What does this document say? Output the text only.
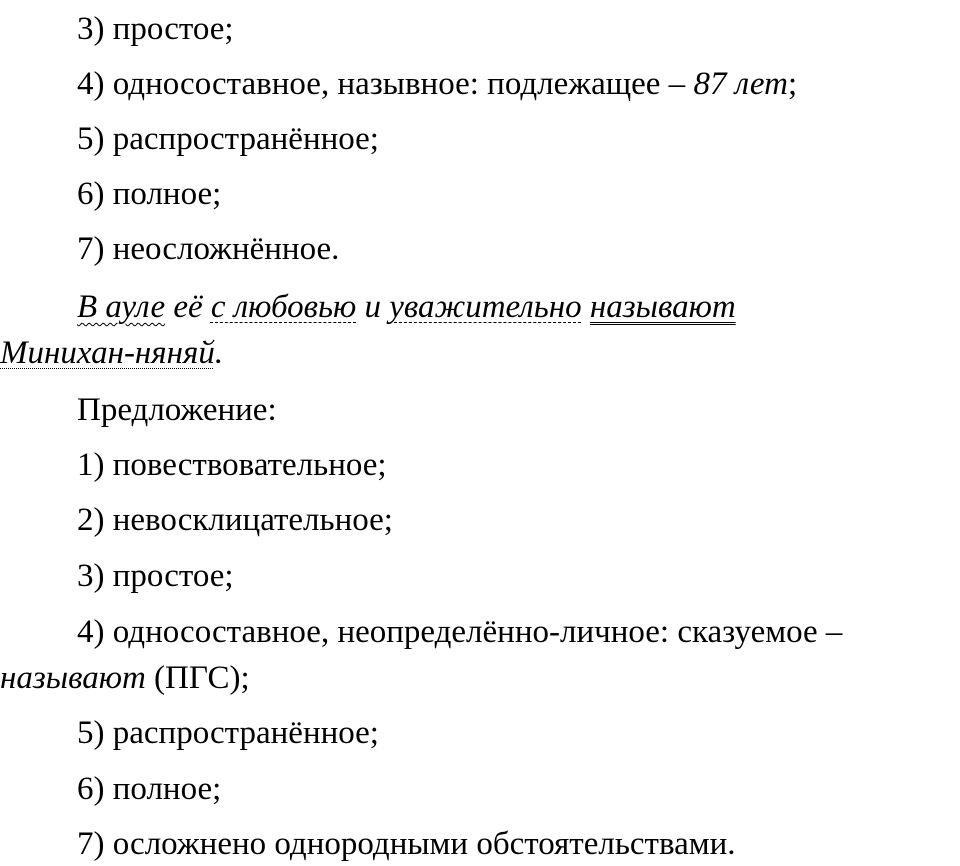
3) простое;
4) односоставное, назывное: подлежащее – 87 лет;
5) распространённое;
6) полное;
7) неосложнённое.
В ауле её с любовью и уважительно называют
Минихан-няняй.
Предложение:
1) повествовательное;
2) невосклицательное;
3) простое;
4) односоставное, неопределённо-личное: сказуемое –
называют (ПГС);
5) распространённое;
6) полное;
7) осложнено однородными обстоятельствами.
